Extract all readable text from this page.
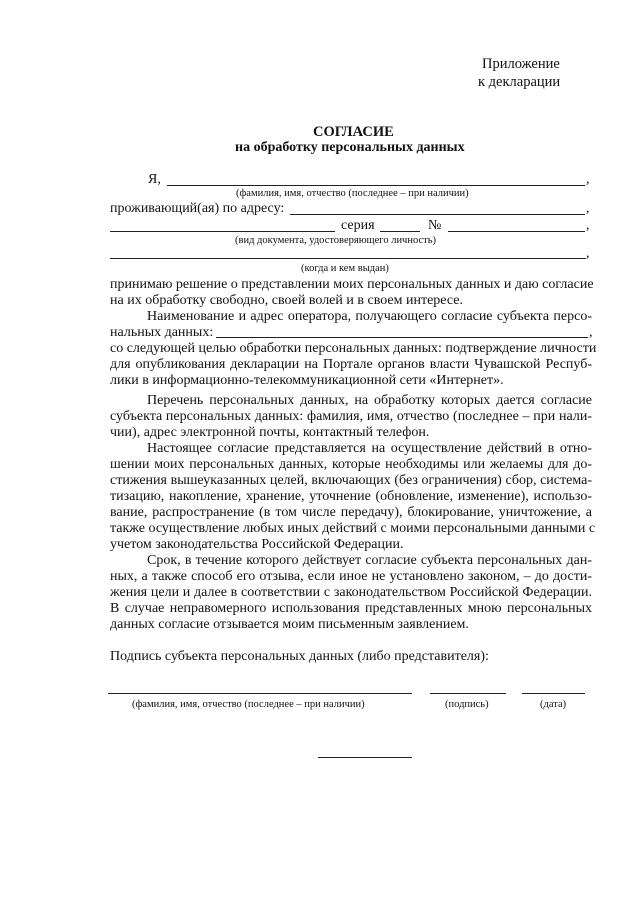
Приложение
к декларации
СОГЛАСИЕ
на обработку персональных данных
Я,	,
(фамилия, имя, отчество (последнее – при наличии)
проживающий(ая) по адресу:	,
серия	№	,
(вид документа, удостоверяющего личность)
,
(когда и кем выдан)
принимаю решение о представлении моих персональных данных и даю согласие
на их обработку свободно, своей волей и в своем интересе.
Наименование и адрес оператора, получающего согласие субъекта персо-
нальных данных:	,
со следующей целью обработки персональных данных: подтверждение личности
для опубликования декларации на Портале органов власти Чувашской Респуб-
лики в информационно-телекоммуникационной сети «Интернет».
Перечень персональных данных, на обработку которых дается согласие
субъекта персональных данных: фамилия, имя, отчество (последнее – при нали-
чии), адрес электронной почты, контактный телефон.
Настоящее согласие представляется на осуществление действий в отно-
шении моих персональных данных, которые необходимы или желаемы для до-
стижения вышеуказанных целей, включающих (без ограничения) сбор, система-
тизацию, накопление, хранение, уточнение (обновление, изменение), использо-
вание, распространение (в том числе передачу), блокирование, уничтожение, а
также осуществление любых иных действий с моими персональными данными с
учетом законодательства Российской Федерации.
Срок, в течение которого действует согласие субъекта персональных дан-
ных, а также способ его отзыва, если иное не установлено законом, – до дости-
жения цели и далее в соответствии с законодательством Российской Федерации.
В случае неправомерного использования представленных мною персональных
данных согласие отзывается моим письменным заявлением.
Подпись субъекта персональных данных (либо представителя):
(фамилия, имя, отчество (последнее – при наличии)	(подпись)	(дата)
